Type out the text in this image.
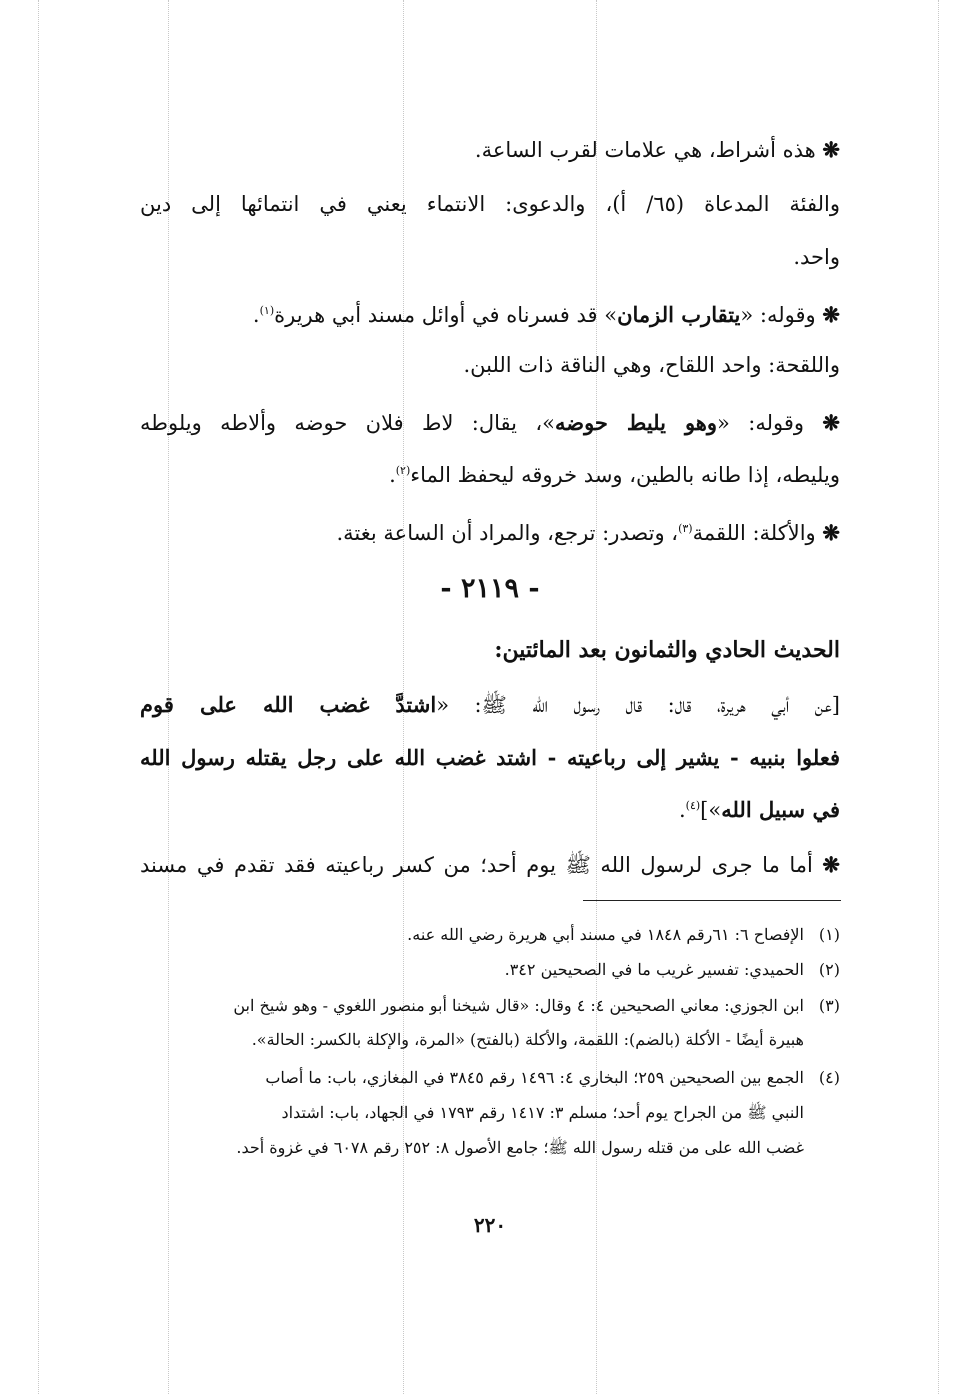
❋ هذه أشراط، هي علامات لقرب الساعة.
والفئة المدعاة (٦٥/ أ)، والدعوى: الانتماء يعني في انتمائها إلى دين
واحد.
❋ وقوله: «يتقارب الزمان» قد فسرناه في أوائل مسند أبي هريرة$^{(١)}$.
واللقحة: واحد اللقاح، وهي الناقة ذات اللبن.
❋ وقوله: «وهو يليط حوضه»، يقال: لاط فلان حوضه وألاطه ويلوطه
ويليطه، إذا طانه بالطين، وسد خروقه ليحفظ الماء$^{(٢)}$.
❋ والأكلة: اللقمة$^{(٣)}$، وتصدر: ترجع، والمراد أن الساعة بغتة.
- ٢١١٩ -
الحديث الحادي والثمانون بعد المائتين:
[عن أبي هريرة، قال: قال رسول الله ﷺ: «اشتدَّ غضب الله على قوم
فعلوا بنبيه - يشير إلى رباعيته - اشتد غضب الله على رجل يقتله رسول الله
في سبيل الله»]$^{(٤)}$.
❋ أما ما جرى لرسول الله ﷺ يوم أحد؛ من كسر رباعيته فقد تقدم في مسند
(١)الإفصاح ٦: ٦١رقم ١٨٤٨ في مسند أبي هريرة رضي الله عنه.
(٢)الحميدي: تفسير غريب ما في الصحيحين ٣٤٢.
(٣)ابن الجوزي: معاني الصحيحين ٤: ٤ وقال: «قال شيخنا أبو منصور اللغوي - وهو شيخ ابن
هبيرة أيضًا - الأكلة (بالضم): اللقمة، والأكلة (بالفتح) «المرة، والإكلة بالكسر: الحالة».
(٤)الجمع بين الصحيحين ٢٥٩؛ البخاري ٤: ١٤٩٦ رقم ٣٨٤٥ في المغازي، باب: ما أصاب
النبي ﷺ من الجراح يوم أحد؛ مسلم ٣: ١٤١٧ رقم ١٧٩٣ في الجهاد، باب: اشتداد
غضب الله على من قتله رسول الله ﷺ؛ جامع الأصول ٨: ٢٥٢ رقم ٦٠٧٨ في غزوة أحد.
٢٢٠
